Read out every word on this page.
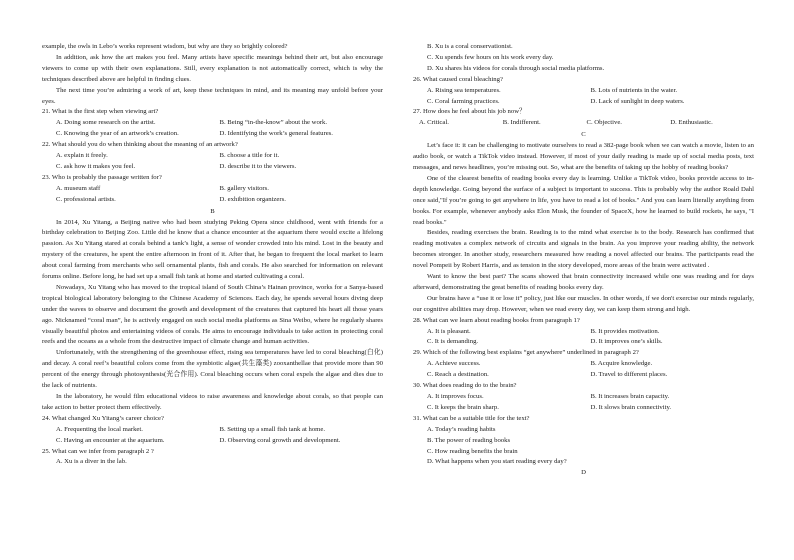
example, the owls in Lebo’s works represent wisdom, but why are they so brightly colored?

In addition, ask how the art makes you feel. Many artists have specific meanings behind their art, but also encourage viewers to come up with their own explanations. Still, every explanation is not automatically correct, which is why the techniques described above are helpful in finding clues.

The next time you’re admiring a work of art, keep these techniques in mind, and its meaning may unfold before your eyes.

21. What is the first step when viewing art?

A. Doing some research on the artist.	B. Being “in-the-know” about the work.
C. Knowing the year of an artwork’s creation.	D. Identifying the work’s general features.

22. What should you do when thinking about the meaning of an artwork?

A. explain it freely.	B. choose a title for it.
C. ask how it makes you feel.	D. describe it to the viewers.

23. Who is probably the passage written for?

A. museum staff	B. gallery visitors.
C. professional artists.	D. exhibition organizers.

B

In 2014, Xu Yitang, a Beijing native who had been studying Peking Opera since childhood, went with friends for a birthday celebration to Beijing Zoo. Little did he know that a chance encounter at the aquarium there would excite a lifelong passion. As Xu Yitang stared at corals behind a tank’s light, a sense of wonder crowded into his mind. Lost in the beauty and mystery of the creatures, he spent the entire afternoon in front of it. After that, he began to frequent the local market to learn about coral farming from merchants who sell ornamental plants, fish and corals. He also searched for information on relevant forums online. Before long, he had set up a small fish tank at home and started cultivating a coral.

Nowadays, Xu Yitang who has moved to the tropical island of South China’s Hainan province, works for a Sanya-based tropical biological laboratory belonging to the Chinese Academy of Sciences. Each day, he spends several hours diving deep under the waves to observe and document the growth and development of the creatures that captured his heart all those years ago. Nicknamed “coral man”, he is actively engaged on such social media platforms as Sina Weibo, where he regularly shares visually beautiful photos and entertaining videos of corals. He aims to encourage individuals to take action in protecting coral reefs and the oceans as a whole from the destructive impact of climate change and human activities.

Unfortunately, with the strengthening of the greenhouse effect, rising sea temperatures have led to coral bleaching(白化) and decay. A coral reef’s beautiful colors come from the symbiotic algae(共生藻类) zooxanthellae that provide more than 90 percent of the energy through photosynthesis(光合作用). Coral bleaching occurs when coral expels the algae and dies due to the lack of nutrients.

In the laboratory, he would film educational videos to raise awareness and knowledge about corals, so that people can take action to better protect them effectively.

24. What changed Xu Yitang’s career choice?

A. Frequenting the local market.	B. Setting up a small fish tank at home.
C. Having an encounter at the aquarium.	D. Observing coral growth and development.

25. What can we infer from paragraph 2 ?

A. Xu is a diver in the lab.

B. Xu is a coral conservationist.

C. Xu spends few hours on his work every day.

D. Xu shares his videos for corals through social media platforms.

26. What caused coral bleaching?

A. Rising sea temperatures.	B. Lots of nutrients in the water.
C. Coral farming practices.	D. Lack of sunlight in deep waters.

27. How does he feel about his job now？

A. Critical.	B. Indifferent.	C. Objective.	D. Enthusiastic.

C

Let’s face it: it can be challenging to motivate ourselves to read a 382-page book when we can watch a movie, listen to an audio book, or watch a TikTok video instead. However, if most of your daily reading is made up of social media posts, text messages, and news headlines, you’re missing out. So, what are the benefits of taking up the hobby of reading books?

One of the clearest benefits of reading books every day is learning. Unlike a TikTok video, books provide access to in-depth knowledge. Going beyond the surface of a subject is important to success. This is probably why the author Roald Dahl once said,"If you’re going to get anywhere in life, you have to read a lot of books." And you can learn literally anything from books. For example, whenever anybody asks Elon Musk, the founder of SpaceX, how he learned to build rockets, he says, "I read books."

Besides, reading exercises the brain. Reading is to the mind what exercise is to the body. Research has confirmed that reading motivates a complex network of circuits and signals in the brain. As you improve your reading ability, the network becomes stronger. In another study, researchers measured how reading a novel affected our brains. The participants read the novel Pompeii by Robert Harris, and as tension in the story developed, more areas of the brain were activated .

Want to know the best part? The scans showed that brain connectivity increased while one was reading and for days afterward, demonstrating the great benefits of reading books every day.

Our brains have a “use it or lose it” policy, just like our muscles. In other words, if we don't exercise our minds regularly, our cognitive abilities may drop. However, when we read every day, we can keep them strong and high.

28. What can we learn about reading books from paragraph 1?

A. It is pleasant.	B. It provides motivation.
C. It is demanding.	D. It improves one’s skills.

29. Which of the following best explains “get anywhere” underlined in paragraph 2?

A. Achieve success.	B. Acquire knowledge.
C. Reach a destination.	D. Travel to different places.

30. What does reading do to the brain?

A. It improves focus.	B. It increases brain capacity.
C. It keeps the brain sharp.	D. It slows brain connectivity.

31. What can be a suitable title for the text?

A. Today’s reading habits

B. The power of reading books

C. How reading benefits the brain

D. What happens when you start reading every day?

D
